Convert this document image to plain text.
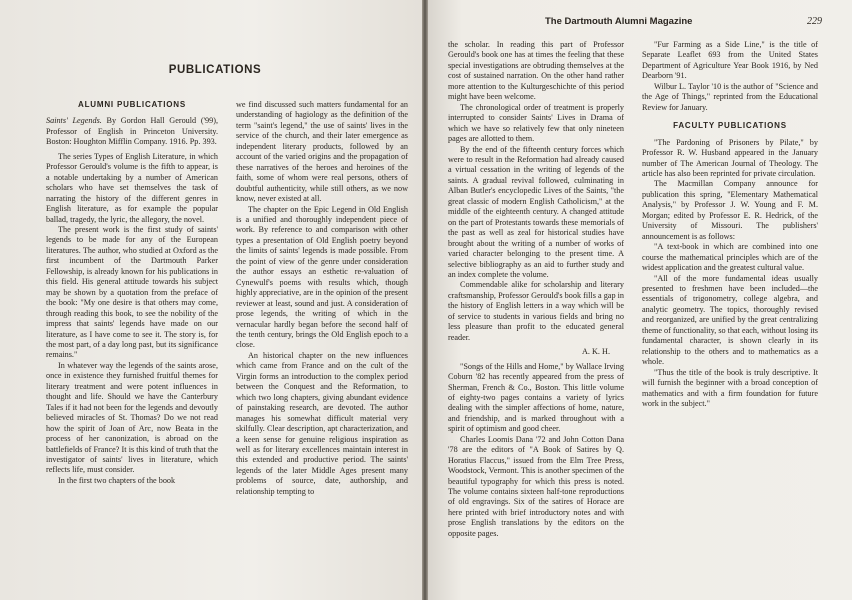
PUBLICATIONS
ALUMNI PUBLICATIONS

Saints' Legends. By Gordon Hall Gerould ('99), Professor of English in Princeton University. Boston: Houghton Mifflin Company. 1916. Pp. 393.

The series Types of English Literature, in which Professor Gerould's volume is the fifth to appear, is a notable undertaking by a number of American scholars who have set themselves the task of narrating the history of the different genres in English literature, as for example the popular ballad, tragedy, the lyric, the allegory, the novel.

The present work is the first study of saints' legends to be made for any of the European literatures. The author, who studied at Oxford as the first incumbent of the Dartmouth Parker Fellowship, is already known for his publications in this field. His general attitude towards his subject may be shown by a quotation from the preface of the book: "My one desire is that others may come, through reading this book, to see the nobility of the impress that saints' legends have made on our literature, as I have come to see it. The story is, for the most part, of a day long past, but its significance remains."

In whatever way the legends of the saints arose, once in existence they furnished fruitful themes for literary treatment and were potent influences in thought and life. Should we have the Canterbury Tales if it had not been for the legends and devoutly believed miracles of St. Thomas? Do we not read how the spirit of Joan of Arc, now Beata in the process of her canonization, is abroad on the battlefields of France? It is this kind of truth that the investigator of saints' lives in literature, which reflects life, must consider.

In the first two chapters of the book

we find discussed such matters fundamental for an understanding of hagiology as the definition of the term "saint's legend," the use of saints' lives in the service of the church, and their later emergence as independent literary products, followed by an account of the varied origins and the propagation of these narratives of the heroes and heroines of the faith, some of whom were real persons, others of doubtful authenticity, while still others, as we now know, never existed at all.

The chapter on the Epic Legend in Old English is a unified and thoroughly independent piece of work. By reference to and comparison with other types a presentation of Old English poetry beyond the limits of saints' legends is made possible. From the point of view of the genre under consideration the author essays an esthetic re-valuation of Cynewulf's poems with results which, though highly appreciative, are in the opinion of the present reviewer at least, sound and just. A consideration of prose legends, the writing of which in the vernacular hardly began before the second half of the tenth century, brings the Old English epoch to a close.

An historical chapter on the new influences which came from France and on the cult of the Virgin forms an introduction to the complex period between the Conquest and the Reformation, to which two long chapters, giving abundant evidence of painstaking research, are devoted. The author manages his somewhat difficult material very skilfully. Clear description, apt characterization, and a keen sense for genuine religious inspiration as well as for literary excellences maintain interest in this extended and productive period. The saints' legends of the later Middle Ages present many problems of source, date, authorship, and relationship tempting to

The Dartmouth Alumni Magazine	229

the scholar. In reading this part of Professor Gerould's book one has at times the feeling that these special investigations are obtruding themselves at the cost of sustained narration. On the other hand rather more attention to the Kulturgeschichte of this period might have been welcome.

The chronological order of treatment is properly interrupted to consider Saints' Lives in Drama of which we have so relatively few that only nineteen pages are allotted to them.

By the end of the fifteenth century forces which were to result in the Reformation had already caused a virtual cessation in the writing of legends of the saints. A gradual revival followed, culminating in Alban Butler's encyclopedic Lives of the Saints, "the great classic of modern English Catholicism," at the middle of the eighteenth century. A changed attitude on the part of Protestants towards these memorials of the past as well as zeal for historical studies have brought about the writing of a number of works of varied character belonging to the present time. A selective bibliography as an aid to further study and an index complete the volume.

Commendable alike for scholarship and literary craftsmanship, Professor Gerould's book fills a gap in the history of English letters in a way which will be of service to students in various fields and bring no less pleasure than profit to the educated general reader.

A. K. H.

"Songs of the Hills and Home," by Wallace Irving Coburn '82 has recently appeared from the press of Sherman, French & Co., Boston. This little volume of eighty-two pages contains a variety of lyrics dealing with the simpler affections of home, nature, and friendship, and is marked throughout with a spirit of optimism and good cheer.

Charles Loomis Dana '72 and John Cotton Dana '78 are the editors of "A Book of Satires by Q. Horatius Flaccus," issued from the Elm Tree Press, Woodstock, Vermont. This is another specimen of the beautiful typography for which this press is noted. The volume contains sixteen half-tone reproductions of old engravings. Six of the satires of Horace are here printed with brief introductory notes and with prose English translations by the editors on the opposite pages.

"Fur Farming as a Side Line," is the title of Separate Leaflet 693 from the United States Department of Agriculture Year Book 1916, by Ned Dearborn '91.

Wilbur L. Taylor '10 is the author of "Science and the Age of Things," reprinted from the Educational Review for January.

FACULTY PUBLICATIONS

"The Pardoning of Prisoners by Pilate," by Professor R. W. Husband appeared in the January number of The American Journal of Theology. The article has also been reprinted for private circulation.

The Macmillan Company announce for publication this spring, "Elementary Mathematical Analysis," by Professor J. W. Young and F. M. Morgan; edited by Professor E. R. Hedrick, of the University of Missouri. The publishers' announcement is as follows:

"A text-book in which are combined into one course the mathematical principles which are of the widest application and the greatest cultural value.

"All of the more fundamental ideas usually presented to freshmen have been included—the essentials of trigonometry, college algebra, and analytic geometry. The topics, thoroughly revised and reorganized, are unified by the great centralizing theme of functionality, so that each, without losing its fundamental character, is shown clearly in its relationship to the others and to mathematics as a whole.

"Thus the title of the book is truly descriptive. It will furnish the beginner with a broad conception of mathematics and with a firm foundation for future work in the subject."
